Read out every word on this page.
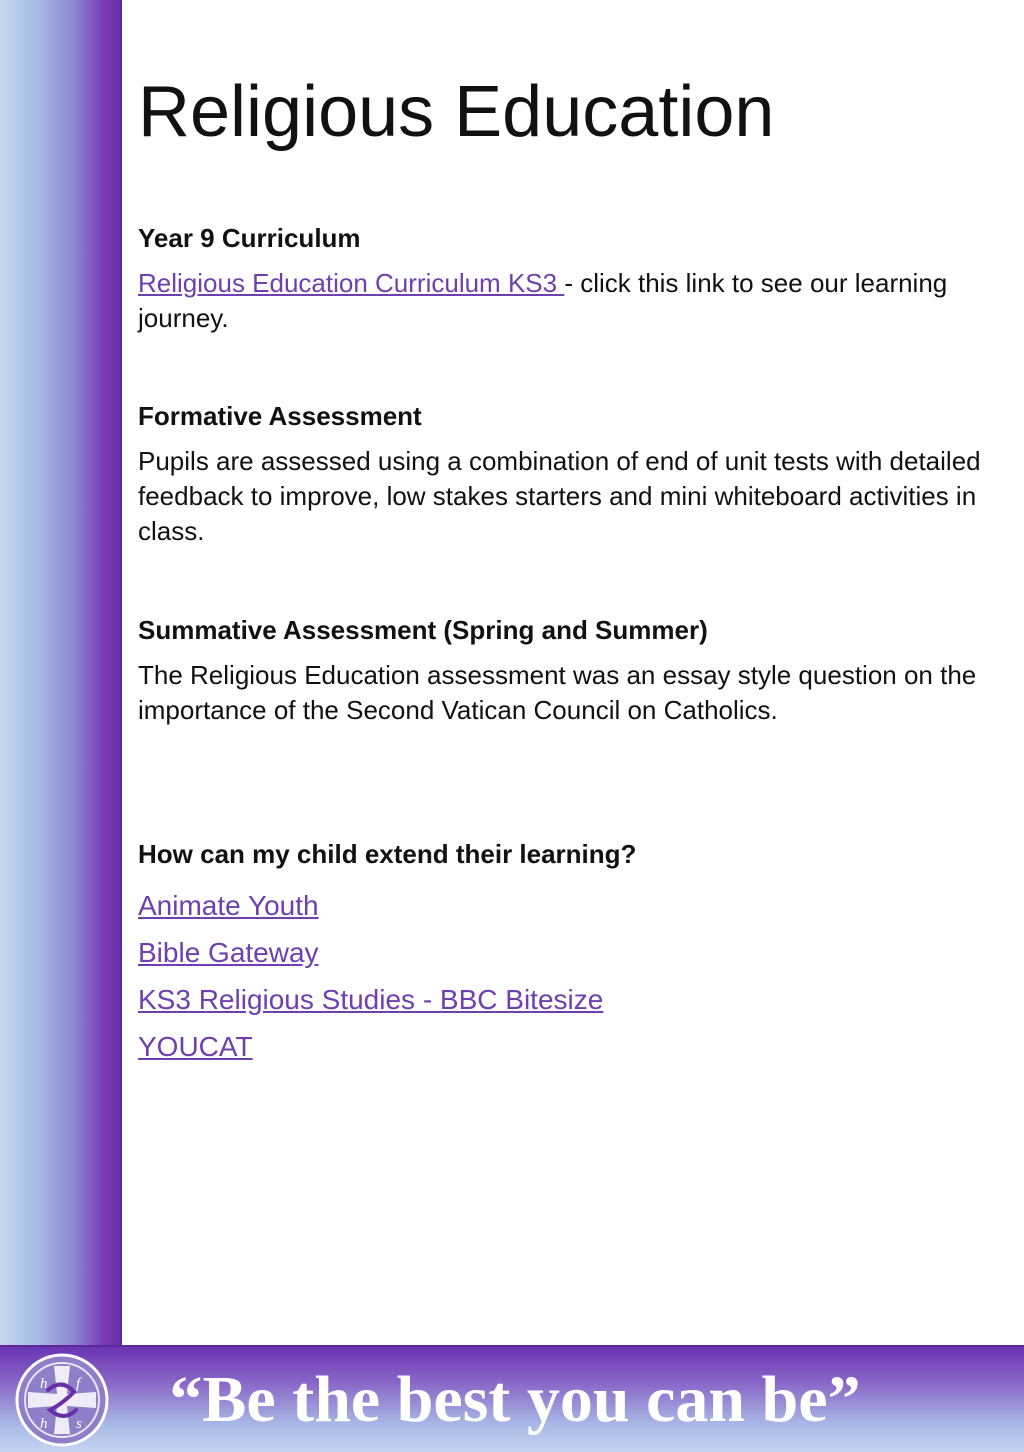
Religious Education

Year 9 Curriculum

Religious Education Curriculum KS3 - click this link to see our learning journey.

Formative Assessment

Pupils are assessed using a combination of end of unit tests with detailed feedback to improve, low stakes starters and mini whiteboard activities in class.

Summative Assessment (Spring and Summer)

The Religious Education assessment was an essay style question on the importance of the Second Vatican Council on Catholics.

How can my child extend their learning?

Animate Youth
Bible Gateway
KS3 Religious Studies - BBC Bitesize
YOUCAT
h f
h s “Be the best you can be”
